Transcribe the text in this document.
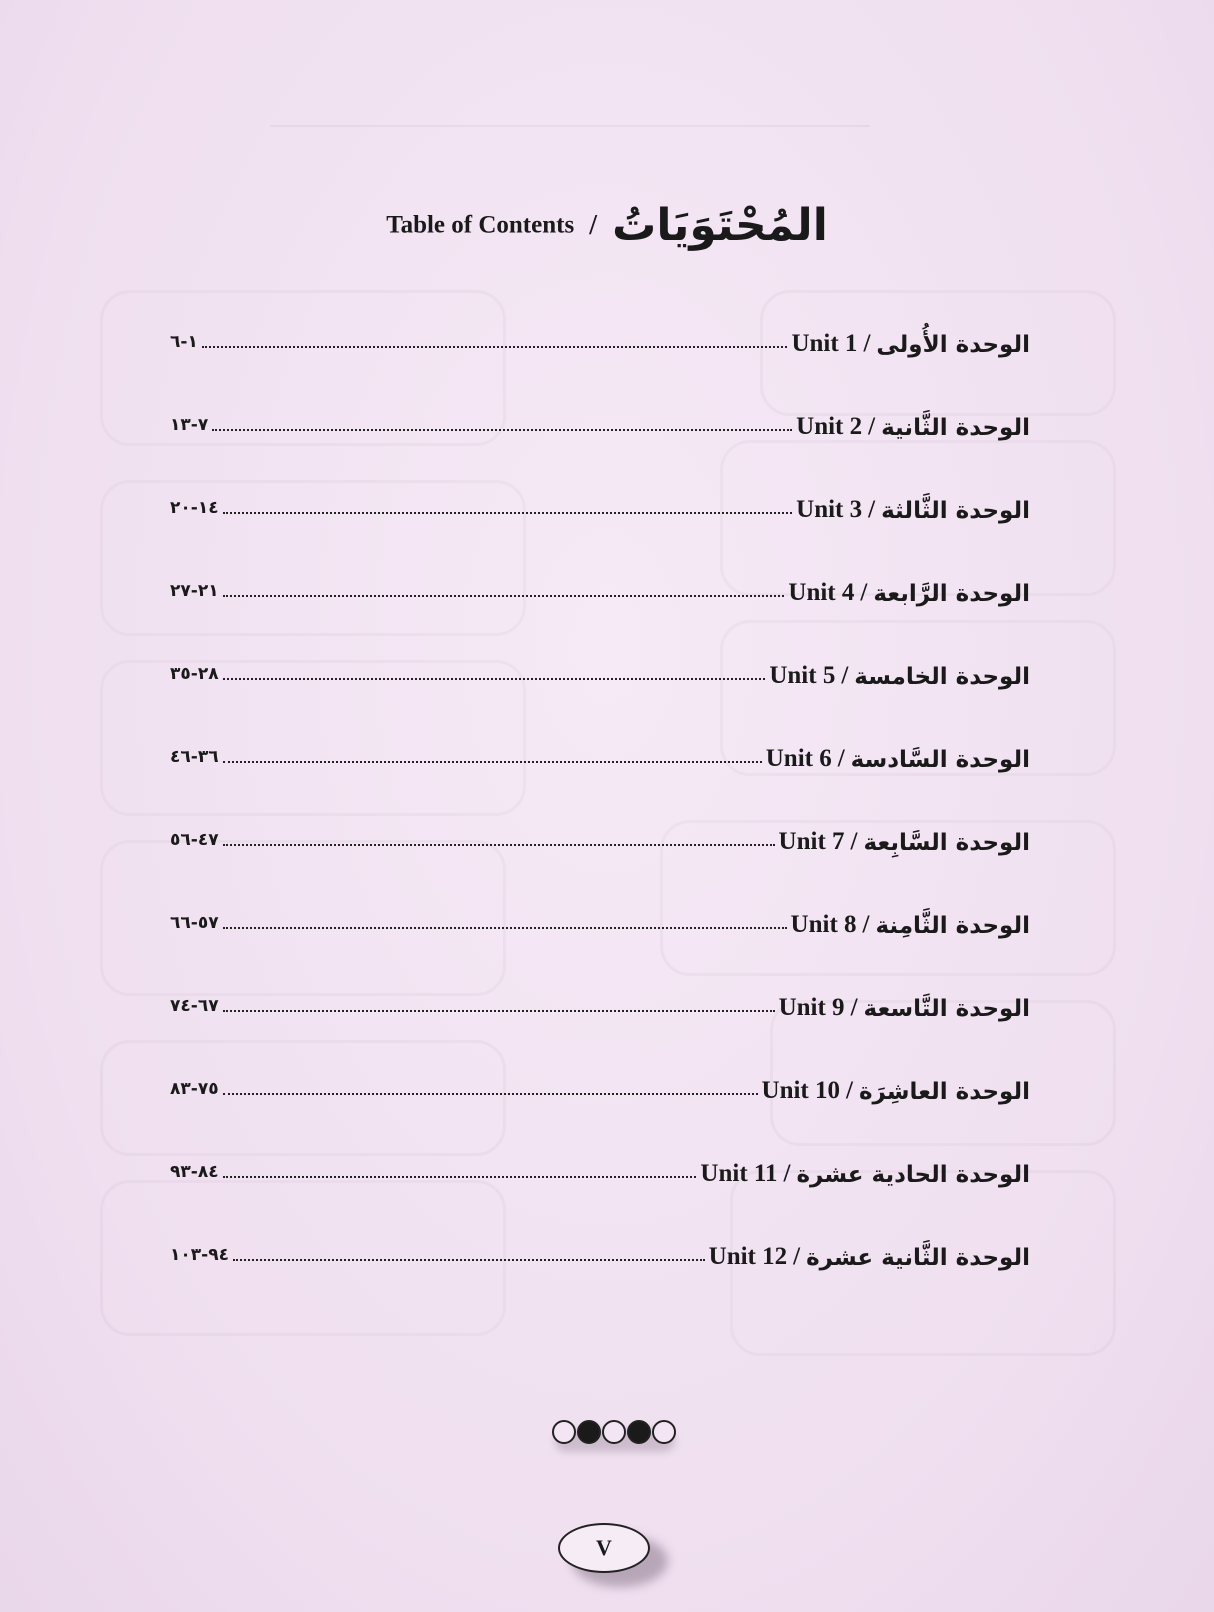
Table of Contents / المُحْتَوَيَاتُ
١-٦	Unit 1 / الوحدة الأُولى
٧-١٣	Unit 2 / الوحدة الثَّانية
١٤-٢٠	Unit 3 / الوحدة الثَّالثة
٢١-٢٧	Unit 4 / الوحدة الرَّابعة
٢٨-٣٥	Unit 5 / الوحدة الخامسة
٣٦-٤٦	Unit 6 / الوحدة السَّادسة
٤٧-٥٦	Unit 7 / الوحدة السَّابِعة
٥٧-٦٦	Unit 8 / الوحدة الثَّامِنة
٦٧-٧٤	Unit 9 / الوحدة التَّاسعة
٧٥-٨٣	Unit 10 / الوحدة العاشِرَة
٨٤-٩٣	Unit 11 / الوحدة الحادية عشرة
٩٤-١٠٣	Unit 12 / الوحدة الثَّانية عشرة
V
